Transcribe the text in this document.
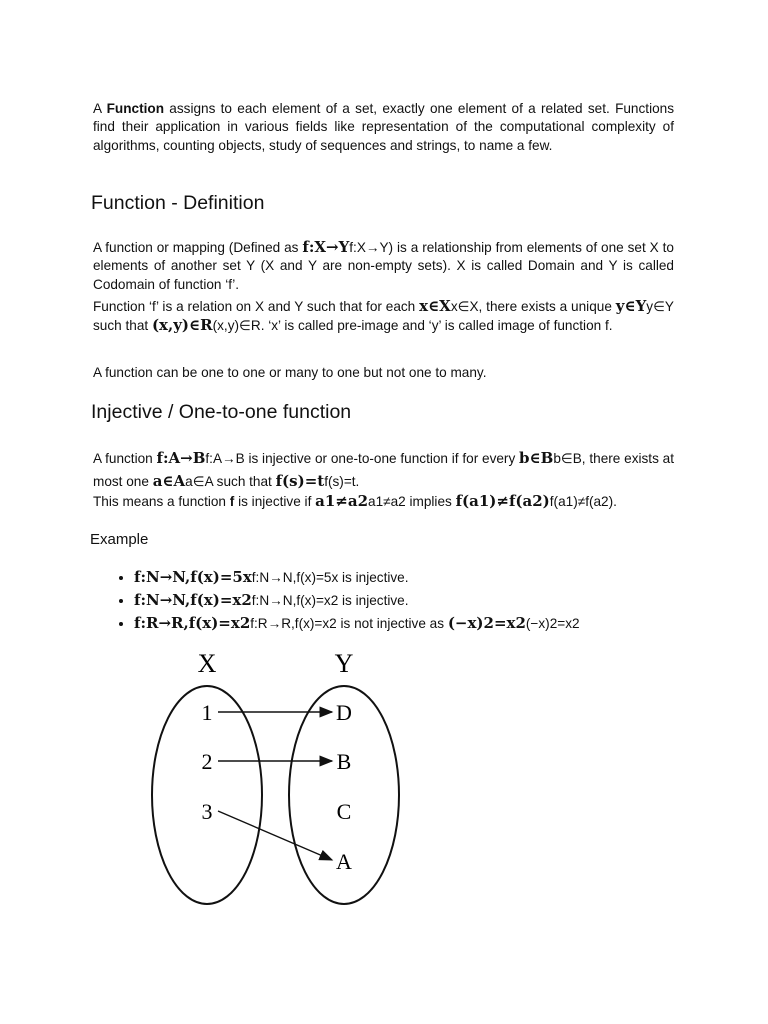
A Function assigns to each element of a set, exactly one element of a related set. Functions find their application in various fields like representation of the computational complexity of algorithms, counting objects, study of sequences and strings, to name a few.

Function - Definition

A function or mapping (Defined as f:X→Yf:X→Y) is a relationship from elements of one set X to elements of another set Y (X and Y are non-empty sets). X is called Domain and Y is called Codomain of function ‘f’.

Function ‘f’ is a relation on X and Y such that for each x∈Xx∈X, there exists a unique y∈Yy∈Y such that (x,y)∈R(x,y)∈R. ‘x’ is called pre-image and ‘y’ is called image of function f.

A function can be one to one or many to one but not one to many.

Injective / One-to-one function

A function f:A→Bf:A→B is injective or one-to-one function if for every b∈Bb∈B, there exists at most one a∈Aa∈A such that f(s)=tf(s)=t.

This means a function f is injective if a1≠a2a1≠a2 implies f(a1)≠f(a2)f(a1)≠f(a2).

Example

• f:N→N,f(x)=5xf:N→N,f(x)=5x is injective.
• f:N→N,f(x)=x2f:N→N,f(x)=x2 is injective.
• f:R→R,f(x)=x2f:R→R,f(x)=x2 is not injective as (−x)2=x2(−x)2=x2
X	Y
1
2
3
D
B
C
A
